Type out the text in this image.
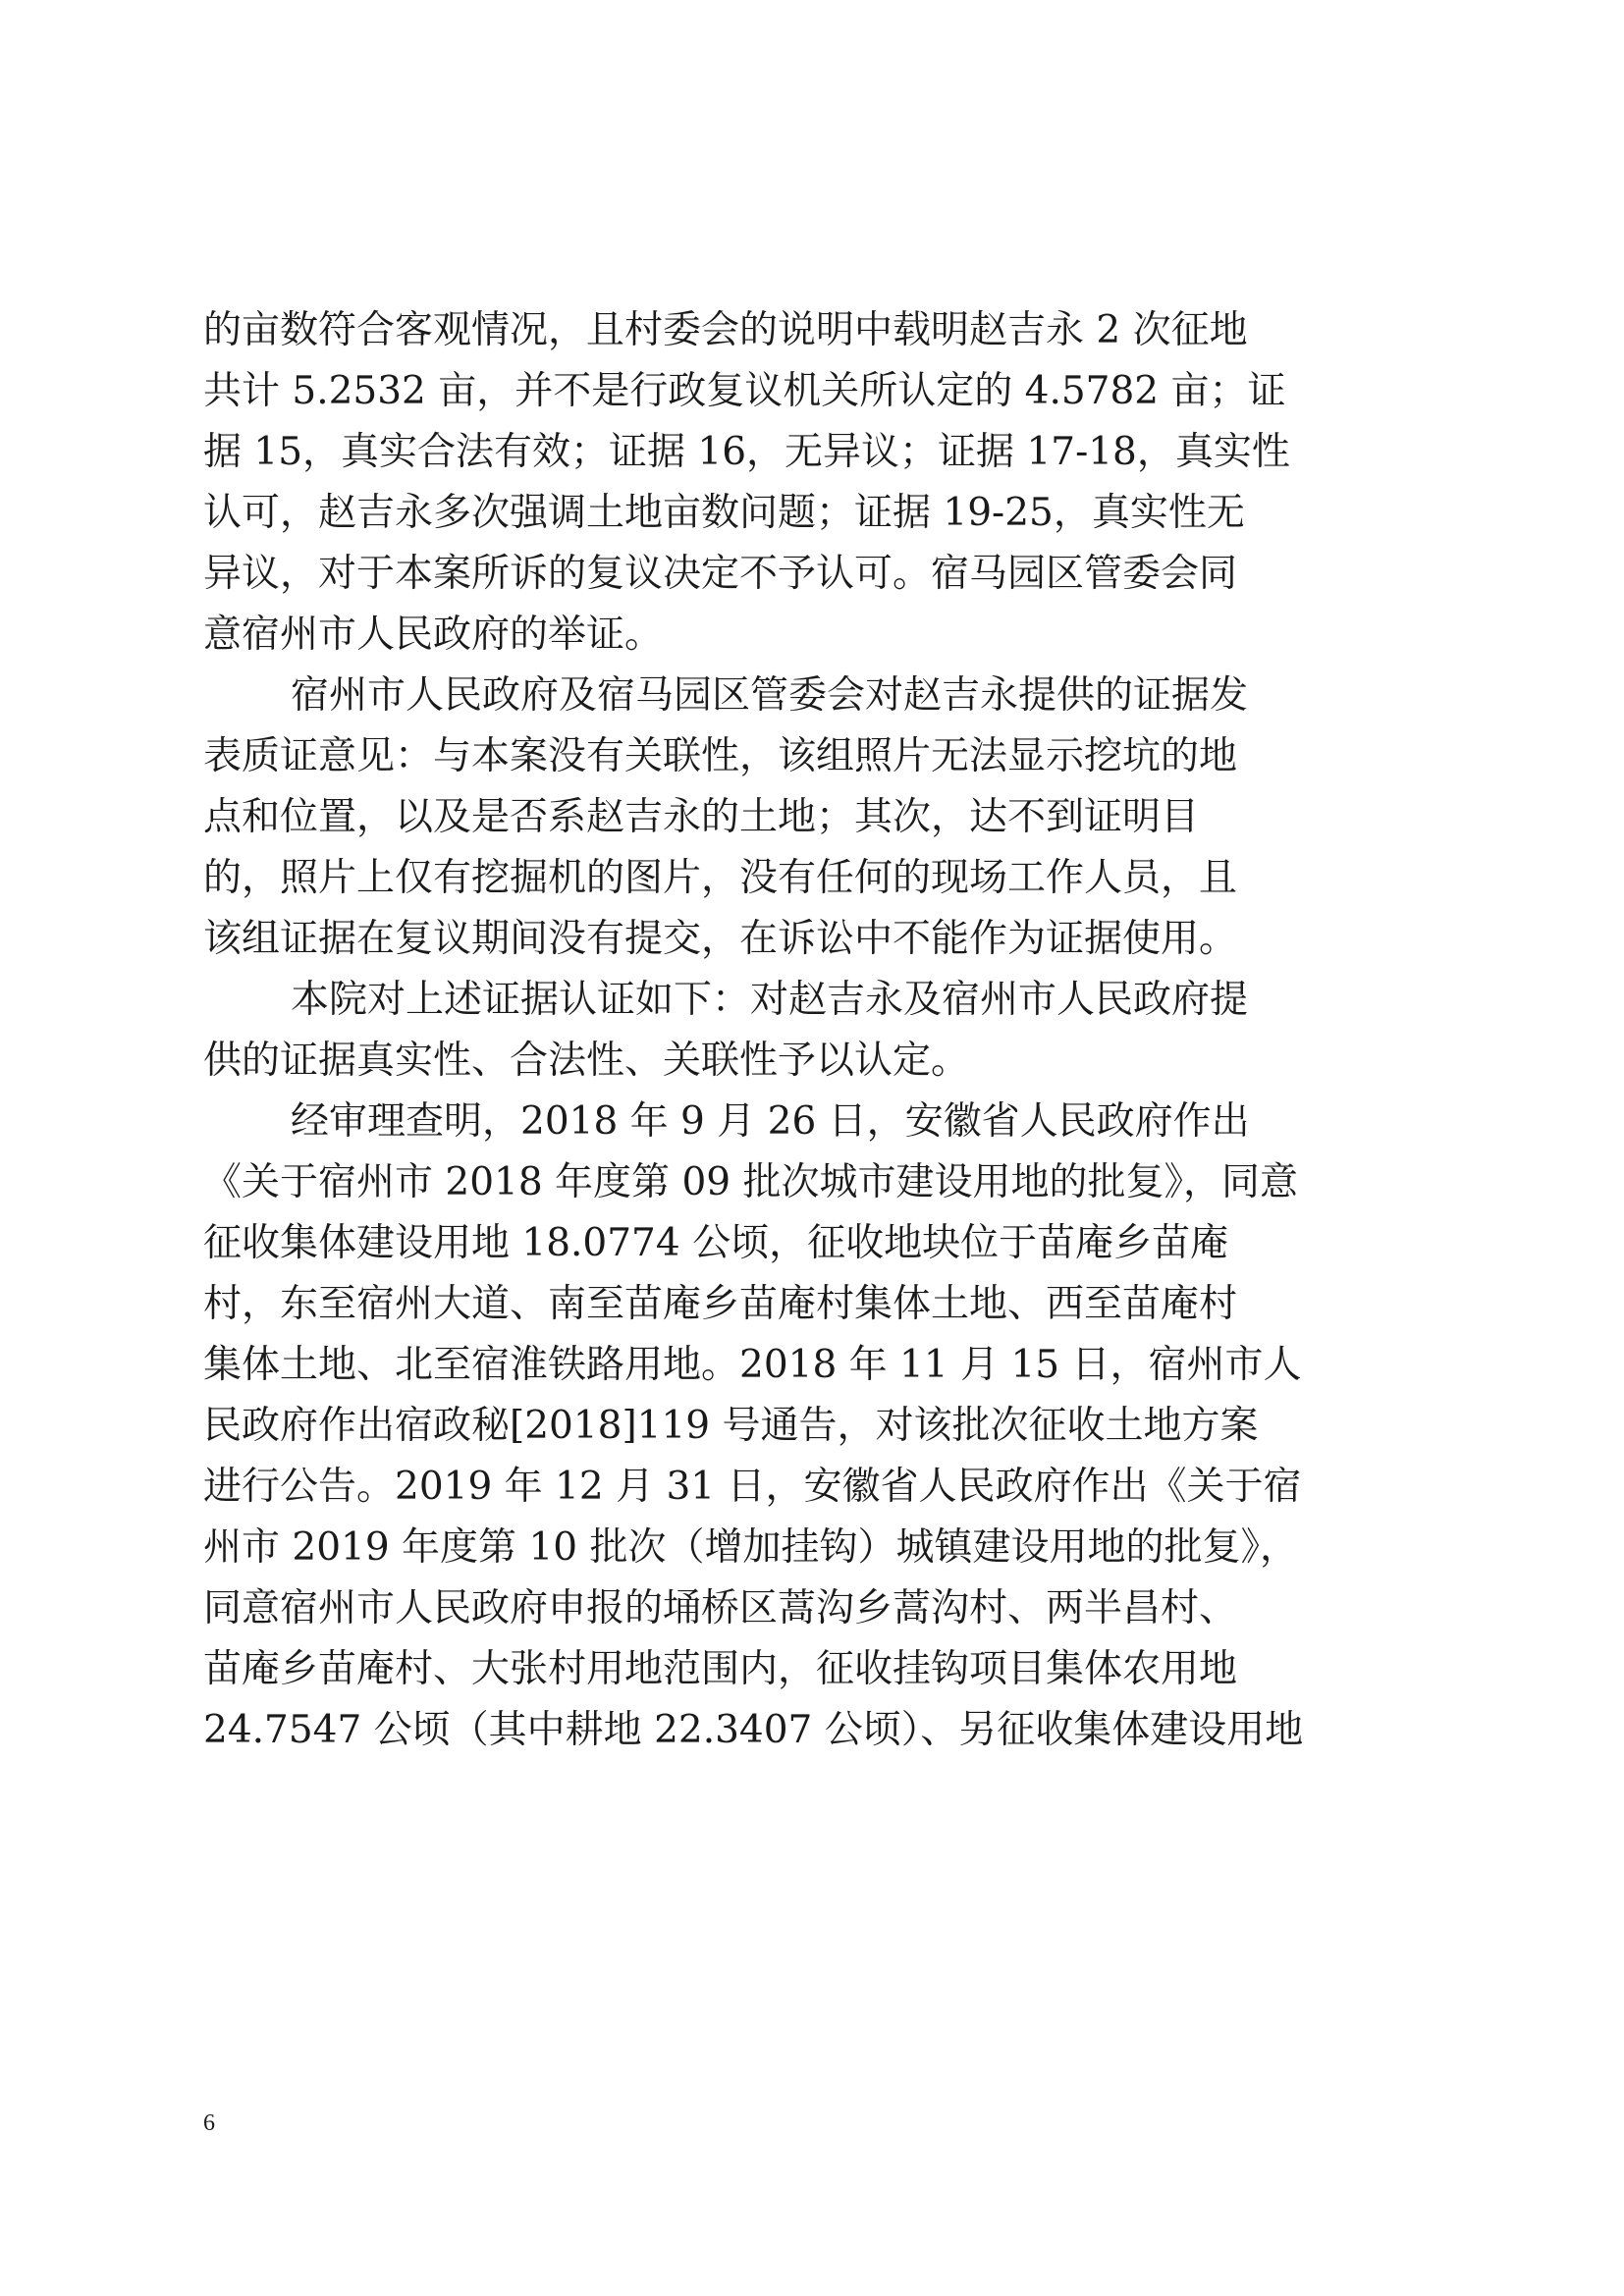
的亩数符合客观情况，且村委会的说明中载明赵吉永 2 次征地
共计 5.2532 亩，并不是行政复议机关所认定的 4.5782 亩；证
据 15，真实合法有效；证据 16，无异议；证据 17-18，真实性
认可，赵吉永多次强调土地亩数问题；证据 19-25，真实性无
异议，对于本案所诉的复议决定不予认可。宿马园区管委会同
意宿州市人民政府的举证。
宿州市人民政府及宿马园区管委会对赵吉永提供的证据发
表质证意见：与本案没有关联性，该组照片无法显示挖坑的地
点和位置，以及是否系赵吉永的土地；其次，达不到证明目
的，照片上仅有挖掘机的图片，没有任何的现场工作人员，且
该组证据在复议期间没有提交，在诉讼中不能作为证据使用。
本院对上述证据认证如下：对赵吉永及宿州市人民政府提
供的证据真实性、合法性、关联性予以认定。
经审理查明，2018 年 9 月 26 日，安徽省人民政府作出
《关于宿州市 2018 年度第 09 批次城市建设用地的批复》，同意
征收集体建设用地 18.0774 公顷，征收地块位于苗庵乡苗庵
村，东至宿州大道、南至苗庵乡苗庵村集体土地、西至苗庵村
集体土地、北至宿淮铁路用地。2018 年 11 月 15 日，宿州市人
民政府作出宿政秘[2018]119 号通告，对该批次征收土地方案
进行公告。2019 年 12 月 31 日，安徽省人民政府作出《关于宿
州市 2019 年度第 10 批次（增加挂钩）城镇建设用地的批复》，
同意宿州市人民政府申报的埇桥区蒿沟乡蒿沟村、两半昌村、
苗庵乡苗庵村、大张村用地范围内，征收挂钩项目集体农用地
24.7547 公顷（其中耕地 22.3407 公顷）、另征收集体建设用地
6
